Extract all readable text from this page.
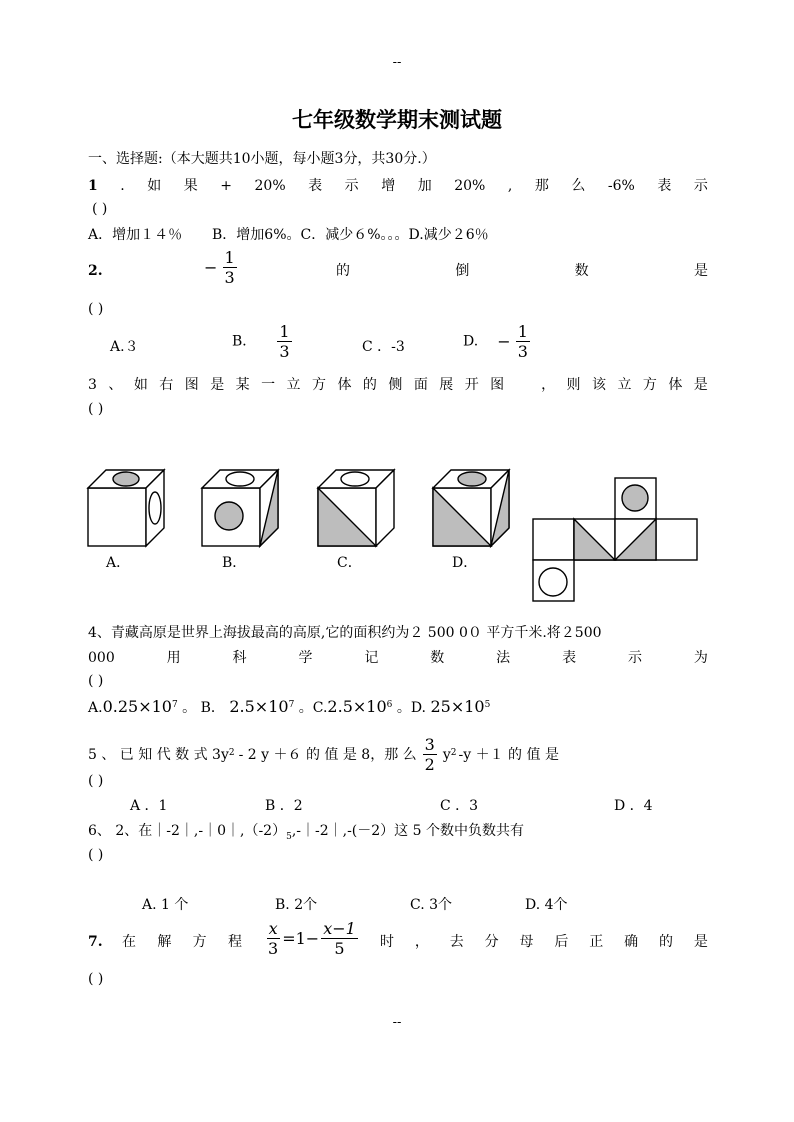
--
七年级数学期末测试题
一、选择题:（本大题共10小题，每小题3分，共30分.）
1 . 如 果 + 20% 表 示 增 加 20% , 那 么 -6% 表 示
( )
A．增加１４％ B．增加6%。C．减少６%。。。D.减少２6％
2.	− $\frac{1}{3}$	的	倒	数	是
( )
A.３	B． $\frac{1}{3}$	C ．-3	D. − $\frac{1}{3}$
3 、 如 右 图 是 某 一 立 方 体 的 侧 面 展 开 图	， 则 该 立 方 体 是
( )
A．	B．	C．	D．
4、青藏高原是世界上海拔最高的高原,它的面积约为２ 500 0０ 平方千米.将２500
000	用	科	学	记	数	法	表	示	为
( )
$A.0.25\times 10^7$ 。 B． $2.5\times 10^7$ 。$C.2.5\times 10^6$ 。D. $25\times 10^5$
5 、 已 知 代 数 式 $3y^2 - 2$ y ＋６ 的 值 是 8，那 么 $\frac{3}{2} y^2$ -y ＋１ 的 值 是
( )
A ．1	B ．2	C ．3	D ．4
6、 2、在$|-2|,-|0|,(-2)_5,-|-2|,-(-2)$这 5 个数中负数共有
( )
A. 1 个	B. 2个	C. 3个	D. 4个
7. 在 解 方 程 $\frac{x}{3} =1- \frac{x-1}{5}$ 时 ， 去 分 母 后 正 确 的 是
( )
--
